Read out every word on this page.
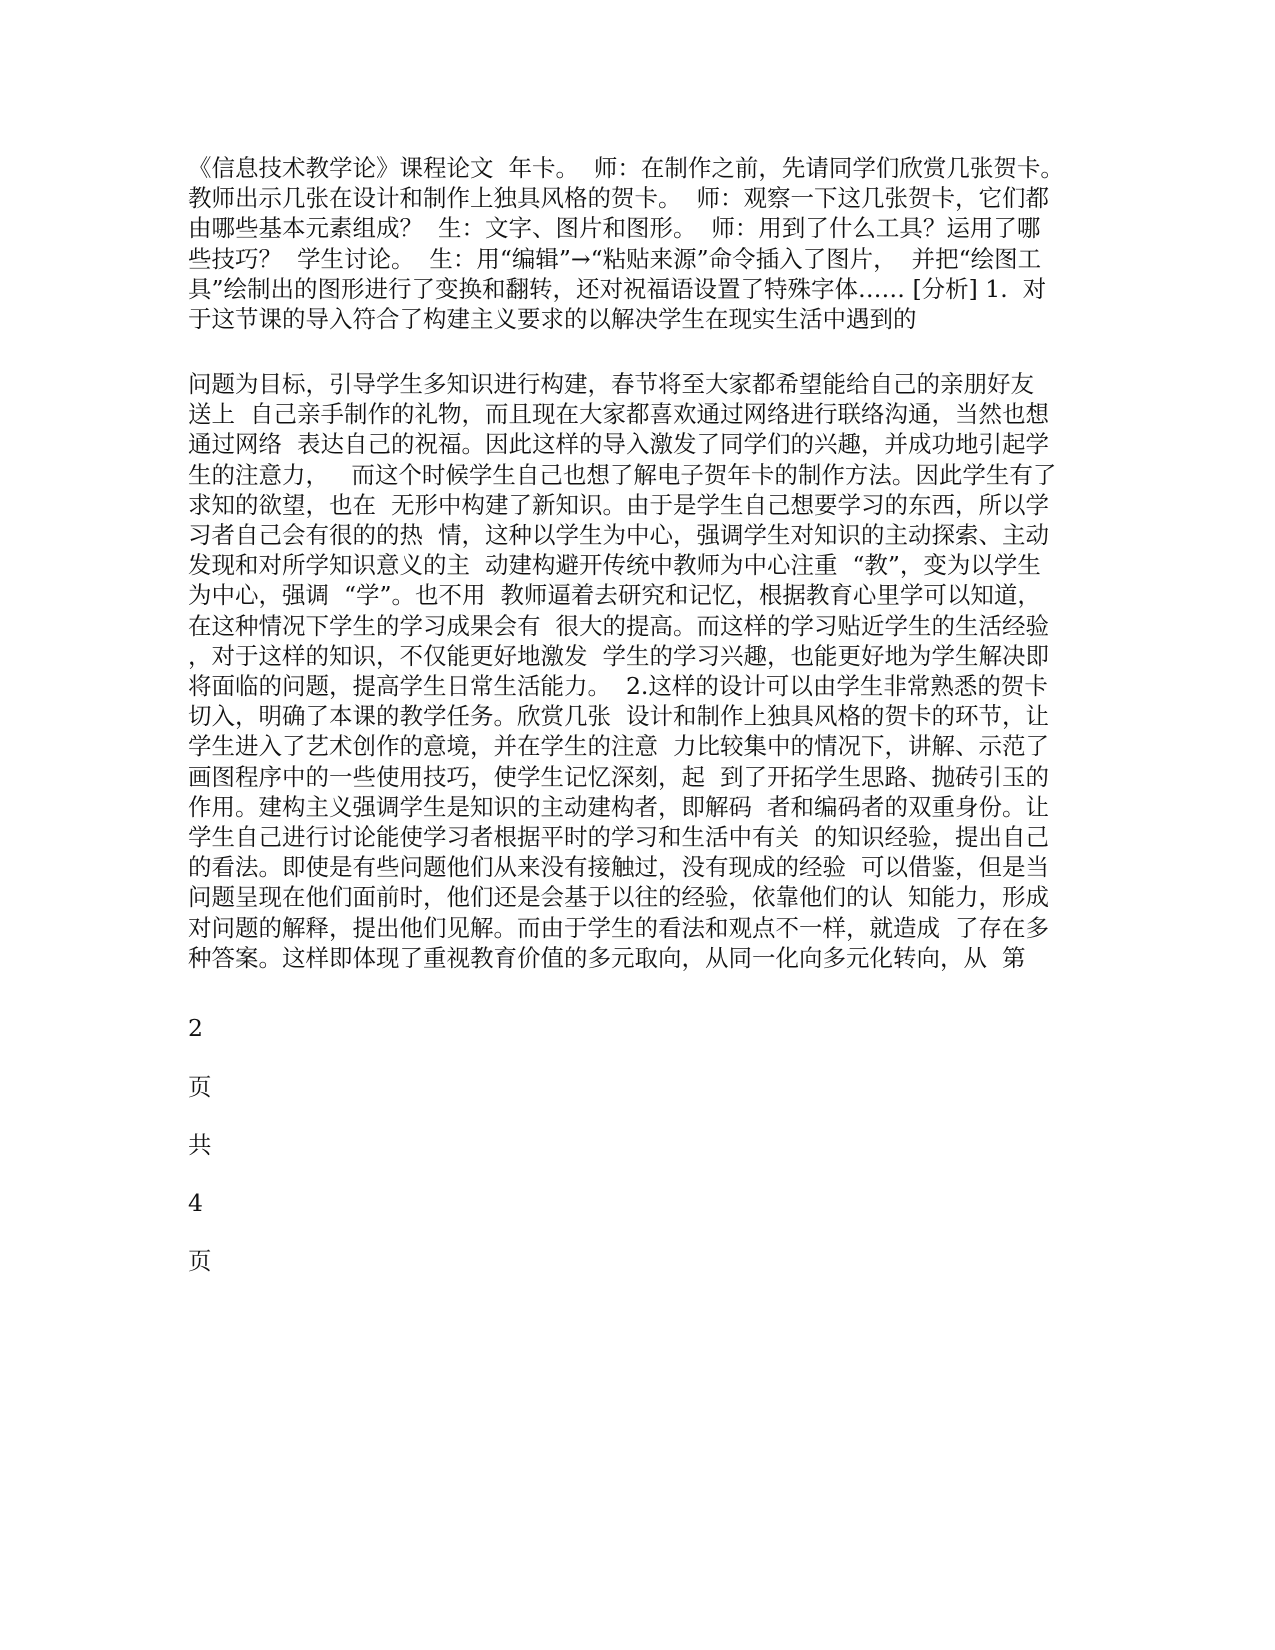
《信息技术教学论》课程论文  年卡。  师：在制作之前，先请同学们欣赏几张贺卡。
教师出示几张在设计和制作上独具风格的贺卡。  师：观察一下这几张贺卡，它们都
由哪些基本元素组成？  生：文字、图片和图形。  师：用到了什么工具？运用了哪
些技巧？  学生讨论。  生：用“编辑”→“粘贴来源”命令插入了图片，  并把“绘图工
具”绘制出的图形进行了变换和翻转，还对祝福语设置了特殊字体…… [分析] 1.  对
于这节课的导入符合了构建主义要求的以解决学生在现实生活中遇到的
问题为目标，引导学生多知识进行构建，春节将至大家都希望能给自己的亲朋好友
送上  自己亲手制作的礼物，而且现在大家都喜欢通过网络进行联络沟通，当然也想
通过网络  表达自己的祝福。因此这样的导入激发了同学们的兴趣，并成功地引起学
生的注意力，   而这个时候学生自己也想了解电子贺年卡的制作方法。因此学生有了
求知的欲望，也在  无形中构建了新知识。由于是学生自己想要学习的东西，所以学
习者自己会有很的的热  情，这种以学生为中心，强调学生对知识的主动探索、主动
发现和对所学知识意义的主  动建构避开传统中教师为中心注重  “教”，变为以学生
为中心，强调  “学”。也不用  教师逼着去研究和记忆，根据教育心里学可以知道，
在这种情况下学生的学习成果会有  很大的提高。而这样的学习贴近学生的生活经验
，对于这样的知识，不仅能更好地激发  学生的学习兴趣，也能更好地为学生解决即
将面临的问题，提高学生日常生活能力。  2.这样的设计可以由学生非常熟悉的贺卡
切入，明确了本课的教学任务。欣赏几张  设计和制作上独具风格的贺卡的环节，让
学生进入了艺术创作的意境，并在学生的注意  力比较集中的情况下，讲解、示范了
画图程序中的一些使用技巧，使学生记忆深刻，起  到了开拓学生思路、抛砖引玉的
作用。建构主义强调学生是知识的主动建构者，即解码  者和编码者的双重身份。让
学生自己进行讨论能使学习者根据平时的学习和生活中有关  的知识经验，提出自己
的看法。即使是有些问题他们从来没有接触过，没有现成的经验  可以借鉴，但是当
问题呈现在他们面前时，他们还是会基于以往的经验，依靠他们的认  知能力，形成
对问题的解释，提出他们见解。而由于学生的看法和观点不一样，就造成  了存在多
种答案。这样即体现了重视教育价值的多元取向，从同一化向多元化转向，从  第
2
页
共
4
页
